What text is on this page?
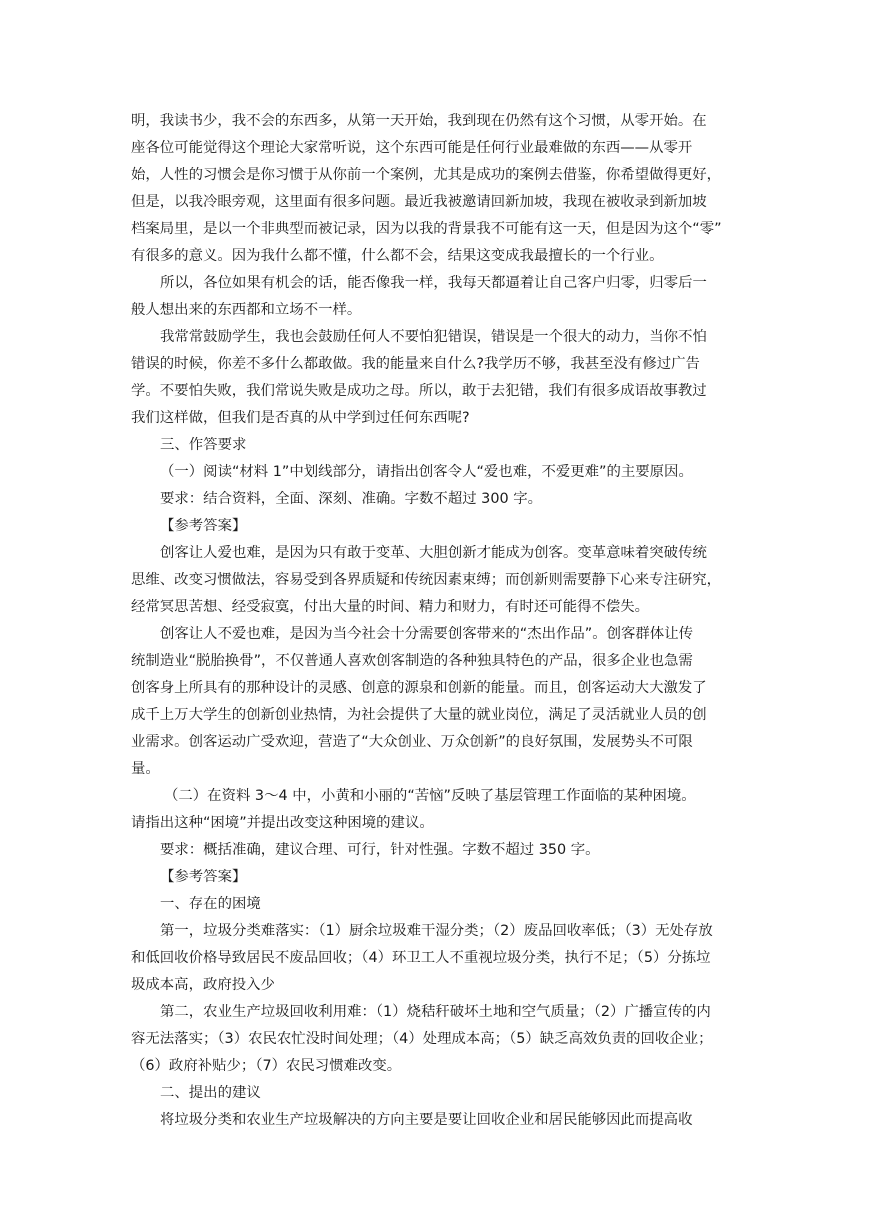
明，我读书少，我不会的东西多，从第一天开始，我到现在仍然有这个习惯，从零开始。在
座各位可能觉得这个理论大家常听说，这个东西可能是任何行业最难做的东西——从零开
始，人性的习惯会是你习惯于从你前一个案例，尤其是成功的案例去借鉴，你希望做得更好，
但是，以我冷眼旁观，这里面有很多问题。最近我被邀请回新加坡，我现在被收录到新加坡
档案局里，是以一个非典型而被记录，因为以我的背景我不可能有这一天，但是因为这个“零”
有很多的意义。因为我什么都不懂，什么都不会，结果这变成我最擅长的一个行业。

所以，各位如果有机会的话，能否像我一样，我每天都逼着让自己客户归零，归零后一
般人想出来的东西都和立场不一样。

我常常鼓励学生，我也会鼓励任何人不要怕犯错误，错误是一个很大的动力，当你不怕
错误的时候，你差不多什么都敢做。我的能量来自什么?我学历不够，我甚至没有修过广告
学。不要怕失败，我们常说失败是成功之母。所以，敢于去犯错，我们有很多成语故事教过
我们这样做，但我们是否真的从中学到过任何东西呢?

三、作答要求

（一）阅读“材料 1”中划线部分，请指出创客令人“爱也难，不爱更难”的主要原因。

要求：结合资料，全面、深刻、准确。字数不超过 300 字。

【参考答案】

创客让人爱也难，是因为只有敢于变革、大胆创新才能成为创客。变革意味着突破传统
思维、改变习惯做法，容易受到各界质疑和传统因素束缚；而创新则需要静下心来专注研究，
经常冥思苦想、经受寂寞，付出大量的时间、精力和财力，有时还可能得不偿失。

创客让人不爱也难，是因为当今社会十分需要创客带来的“杰出作品”。创客群体让传
统制造业“脱胎换骨”，不仅普通人喜欢创客制造的各种独具特色的产品，很多企业也急需
创客身上所具有的那种设计的灵感、创意的源泉和创新的能量。而且，创客运动大大激发了
成千上万大学生的创新创业热情，为社会提供了大量的就业岗位，满足了灵活就业人员的创
业需求。创客运动广受欢迎，营造了“大众创业、万众创新”的良好氛围，发展势头不可限
量。

（二）在资料 3～4 中，小黄和小丽的“苦恼”反映了基层管理工作面临的某种困境。
请指出这种“困境”并提出改变这种困境的建议。

要求：概括准确，建议合理、可行，针对性强。字数不超过 350 字。

【参考答案】

一、存在的困境

第一，垃圾分类难落实：（1）厨余垃圾难干湿分类；（2）废品回收率低；（3）无处存放
和低回收价格导致居民不废品回收；（4）环卫工人不重视垃圾分类，执行不足；（5）分拣垃
圾成本高，政府投入少

第二，农业生产垃圾回收利用难：（1）烧秸秆破坏土地和空气质量；（2）广播宣传的内
容无法落实；（3）农民农忙没时间处理；（4）处理成本高；（5）缺乏高效负责的回收企业；
（6）政府补贴少；（7）农民习惯难改变。

二、提出的建议

将垃圾分类和农业生产垃圾解决的方向主要是要让回收企业和居民能够因此而提高收
